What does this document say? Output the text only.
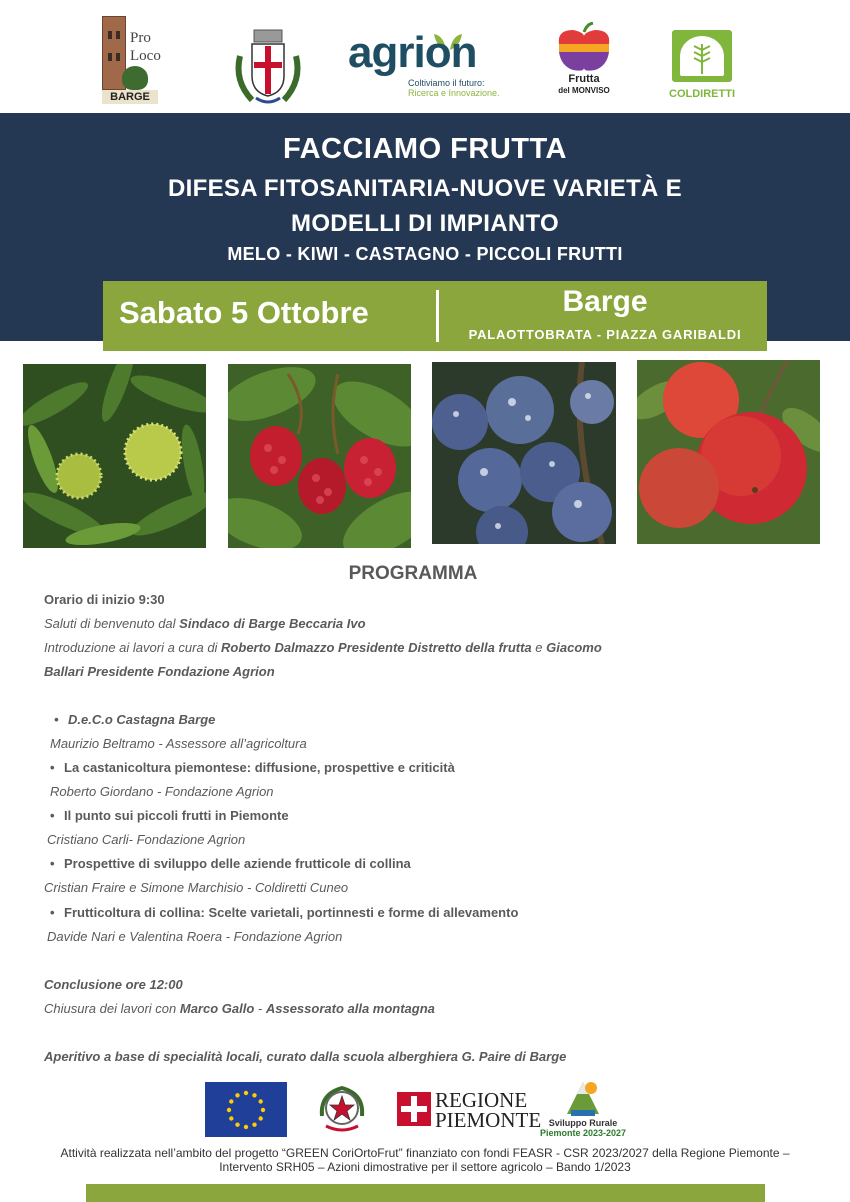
Pro
Loco
BARGE
agrion
Coltiviamo il futuro:
Ricerca e Innovazione.
Frutta
del MONVISO	COLDIRETTI
FACCIAMO FRUTTA
DIFESA FITOSANITARIA-NUOVE VARIETÀ E
MODELLI DI IMPIANTO
MELO - KIWI - CASTAGNO - PICCOLI FRUTTI
Sabato 5 Ottobre	Barge
PALAOTTOBRATA - PIAZZA GARIBALDI
PROGRAMMA
Orario di inizio 9:30
Saluti di benvenuto dal Sindaco di Barge Beccaria Ivo
Introduzione ai lavori a cura di Roberto Dalmazzo Presidente Distretto della frutta e Giacomo
Ballari Presidente Fondazione Agrion
• D.e.C.o Castagna Barge
Maurizio Beltramo - Assessore all’agricoltura
• La castanicoltura piemontese: diffusione, prospettive e criticità
Roberto Giordano - Fondazione Agrion
• Il punto sui piccoli frutti in Piemonte
Cristiano Carli- Fondazione Agrion
• Prospettive di sviluppo delle aziende frutticole di collina
Cristian Fraire e Simone Marchisio - Coldiretti Cuneo
• Frutticoltura di collina: Scelte varietali, portinnesti e forme di allevamento
Davide Nari e Valentina Roera - Fondazione Agrion
Conclusione ore 12:00
Chiusura dei lavori con Marco Gallo - Assessorato alla montagna
Aperitivo a base di specialità locali, curato dalla scuola alberghiera G. Paire di Barge
REGIONE
PIEMONTE Sviluppo Rurale
Piemonte 2023-2027
Attività realizzata nell’ambito del progetto “GREEN CoriOrtoFrut” finanziato con fondi FEASR - CSR 2023/2027 della Regione Piemonte –
Intervento SRH05 – Azioni dimostrative per il settore agricolo – Bando 1/2023
